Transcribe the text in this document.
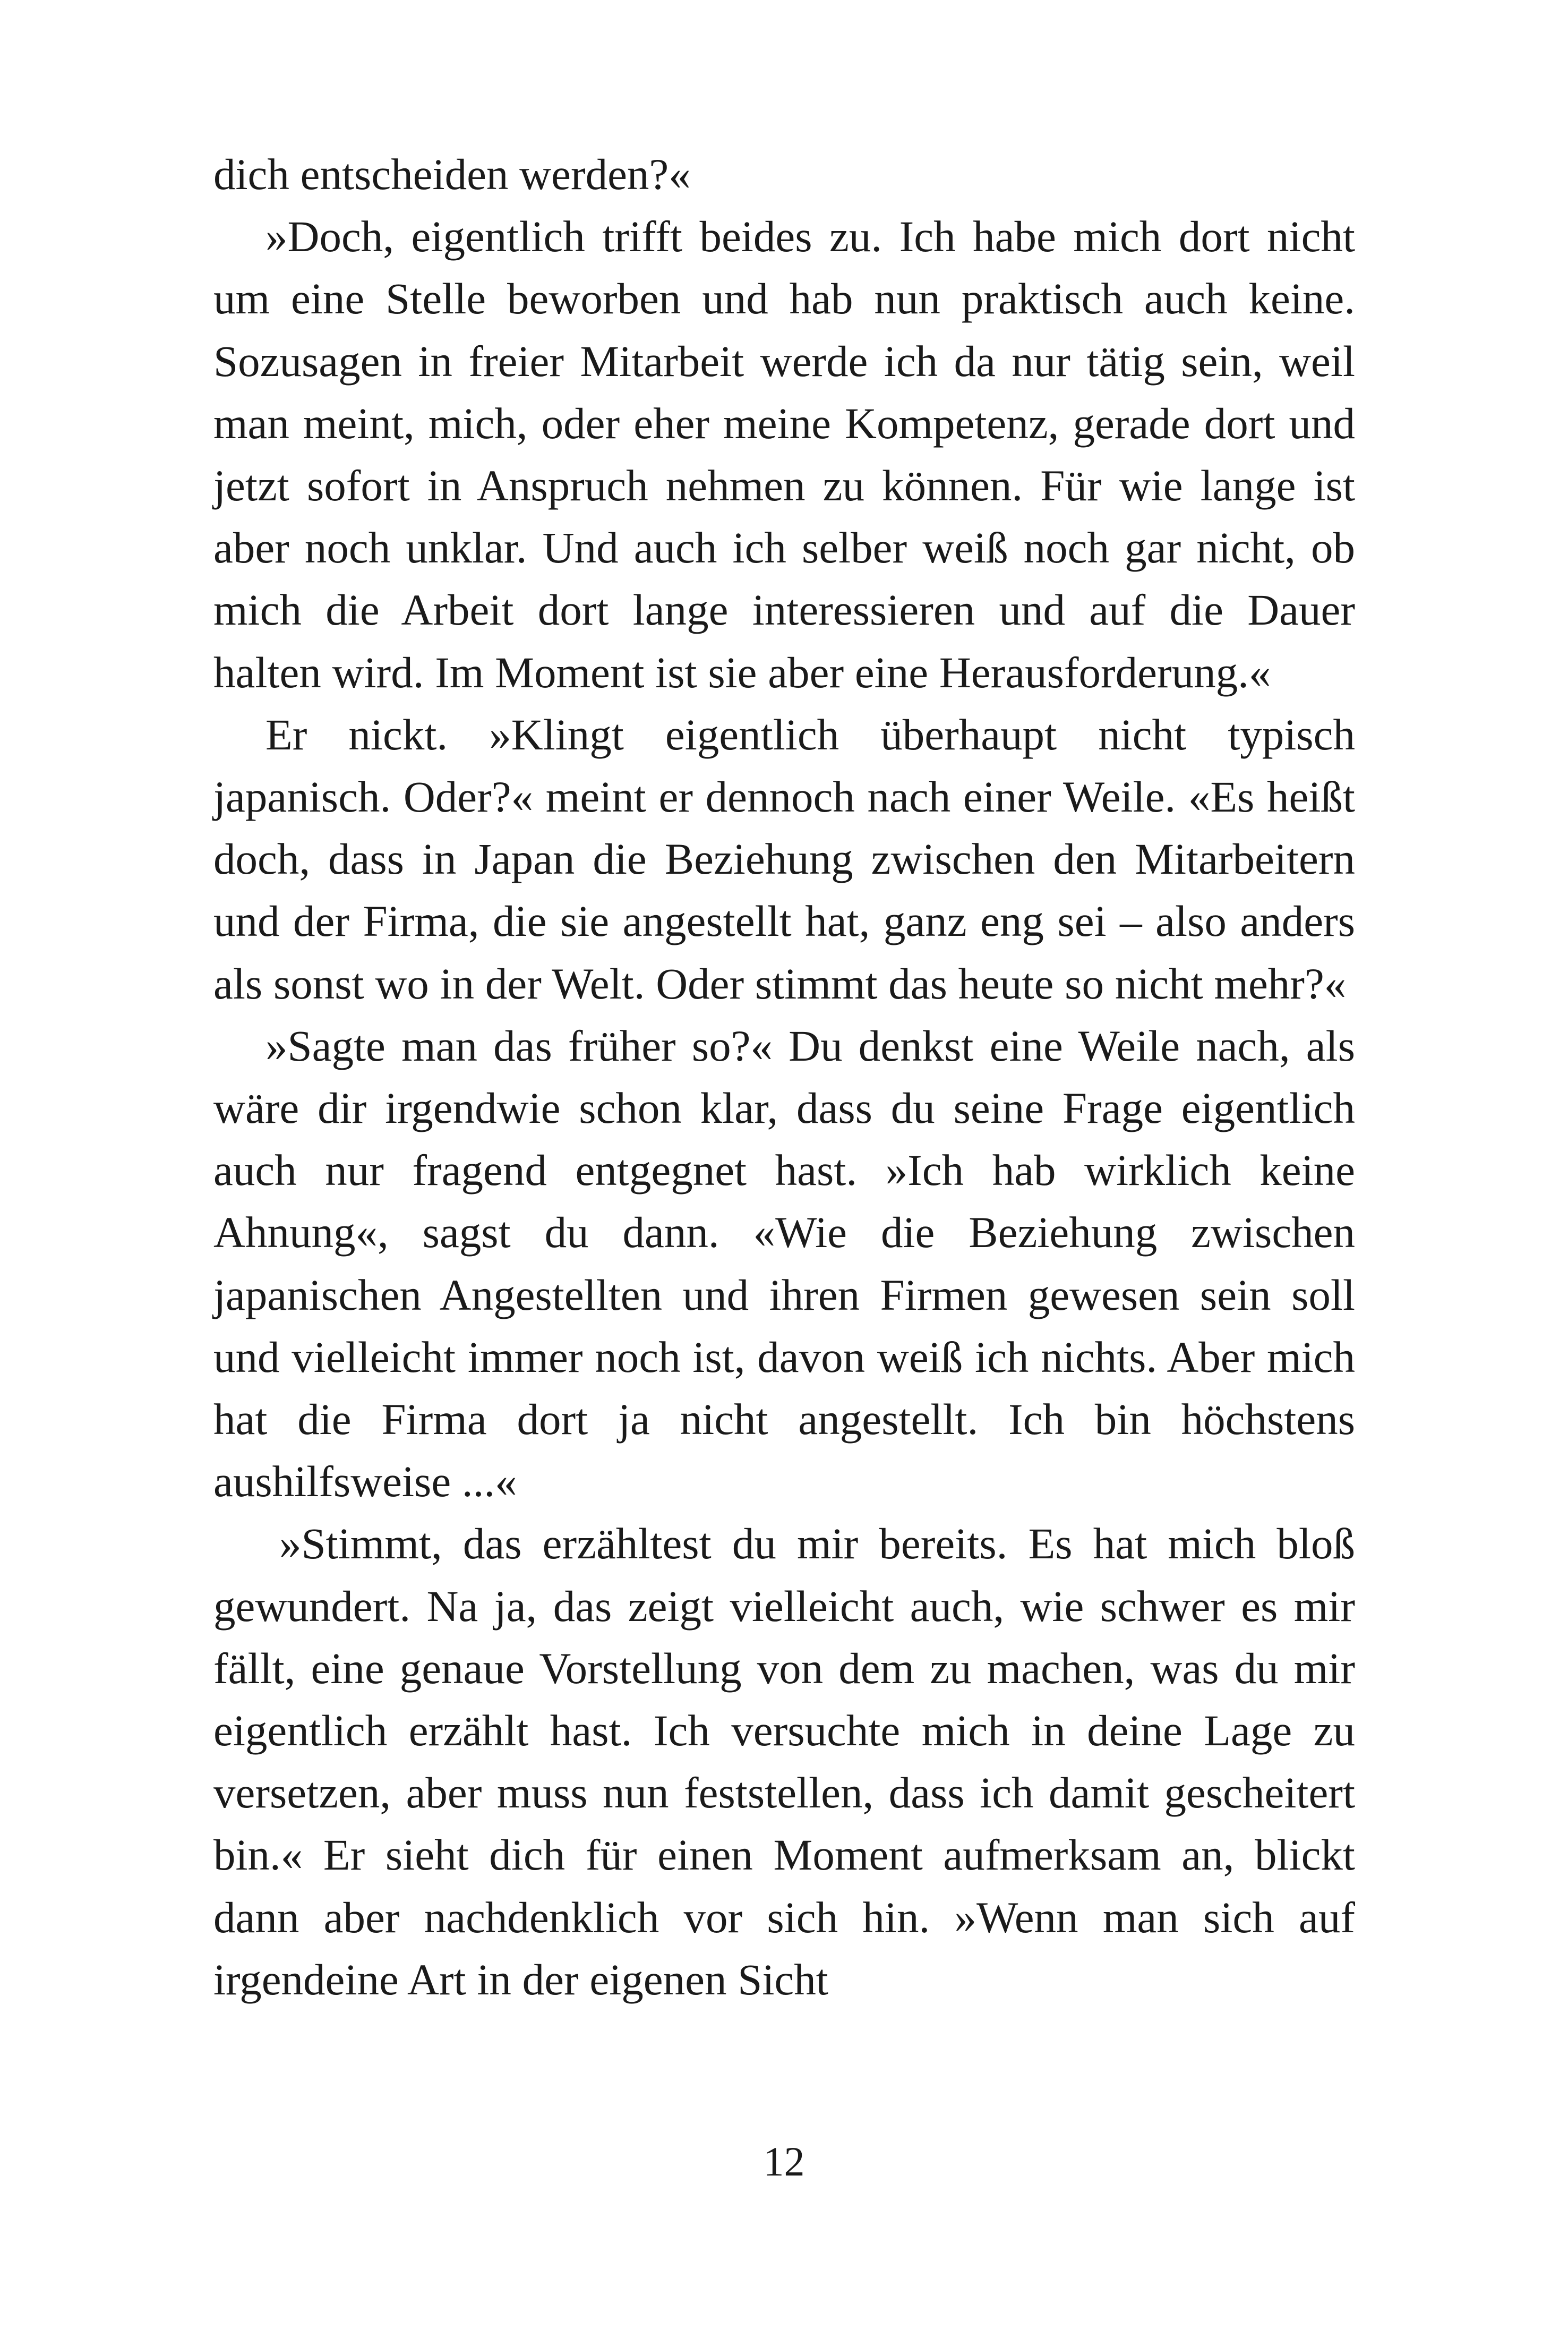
dich entscheiden werden?«

»Doch, eigentlich trifft beides zu. Ich habe mich dort nicht um eine Stelle beworben und hab nun praktisch auch keine. Sozusagen in freier Mitarbeit werde ich da nur tätig sein, weil man meint, mich, oder eher meine Kompetenz, gerade dort und jetzt sofort in Anspruch nehmen zu können. Für wie lange ist aber noch unklar. Und auch ich selber weiß noch gar nicht, ob mich die Arbeit dort lange interessieren und auf die Dauer halten wird. Im Moment ist sie aber eine Herausforderung.«

Er nickt. »Klingt eigentlich überhaupt nicht typisch japanisch. Oder?« meint er dennoch nach einer Weile. «Es heißt doch, dass in Japan die Beziehung zwischen den Mitarbeitern und der Firma, die sie angestellt hat, ganz eng sei – also anders als sonst wo in der Welt. Oder stimmt das heute so nicht mehr?«

»Sagte man das früher so?« Du denkst eine Weile nach, als wäre dir irgendwie schon klar, dass du seine Frage eigentlich auch nur fragend entgegnet hast. »Ich hab wirklich keine Ahnung«, sagst du dann. «Wie die Beziehung zwischen japanischen Angestellten und ihren Firmen gewesen sein soll und vielleicht immer noch ist, davon weiß ich nichts. Aber mich hat die Firma dort ja nicht angestellt. Ich bin höchstens aushilfsweise ...«

»Stimmt, das erzähltest du mir bereits. Es hat mich bloß gewundert. Na ja, das zeigt vielleicht auch, wie schwer es mir fällt, eine genaue Vorstellung von dem zu machen, was du mir eigentlich erzählt hast. Ich versuchte mich in deine Lage zu versetzen, aber muss nun feststellen, dass ich damit gescheitert bin.« Er sieht dich für einen Moment aufmerksam an, blickt dann aber nachdenklich vor sich hin. »Wenn man sich auf irgendeine Art in der eigenen Sicht

12
